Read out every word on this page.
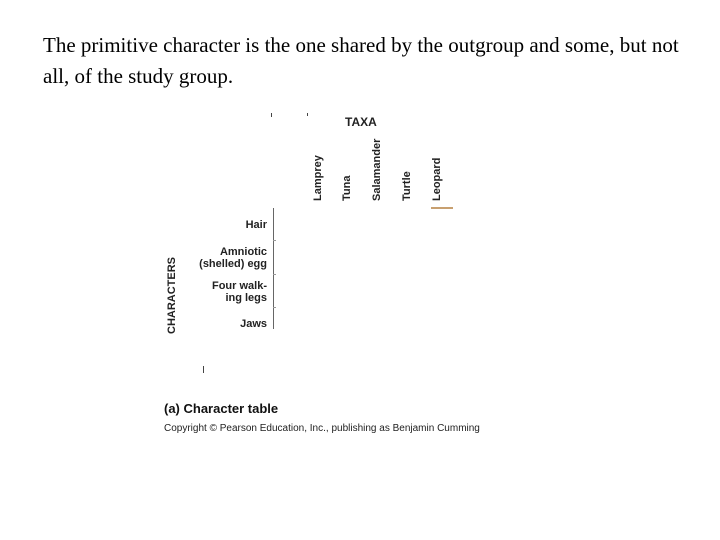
The primitive character is the one shared by the outgroup and some, but not all, of the study group.
TAXA
Lamprey Tuna Salamander Turtle Leopard
Hair
Amniotic
(shelled) egg
Four walk-
ing legs
Jaws
CHARACTERS
(a) Character table
Copyright © Pearson Education, Inc., publishing as Benjamin Cumming
